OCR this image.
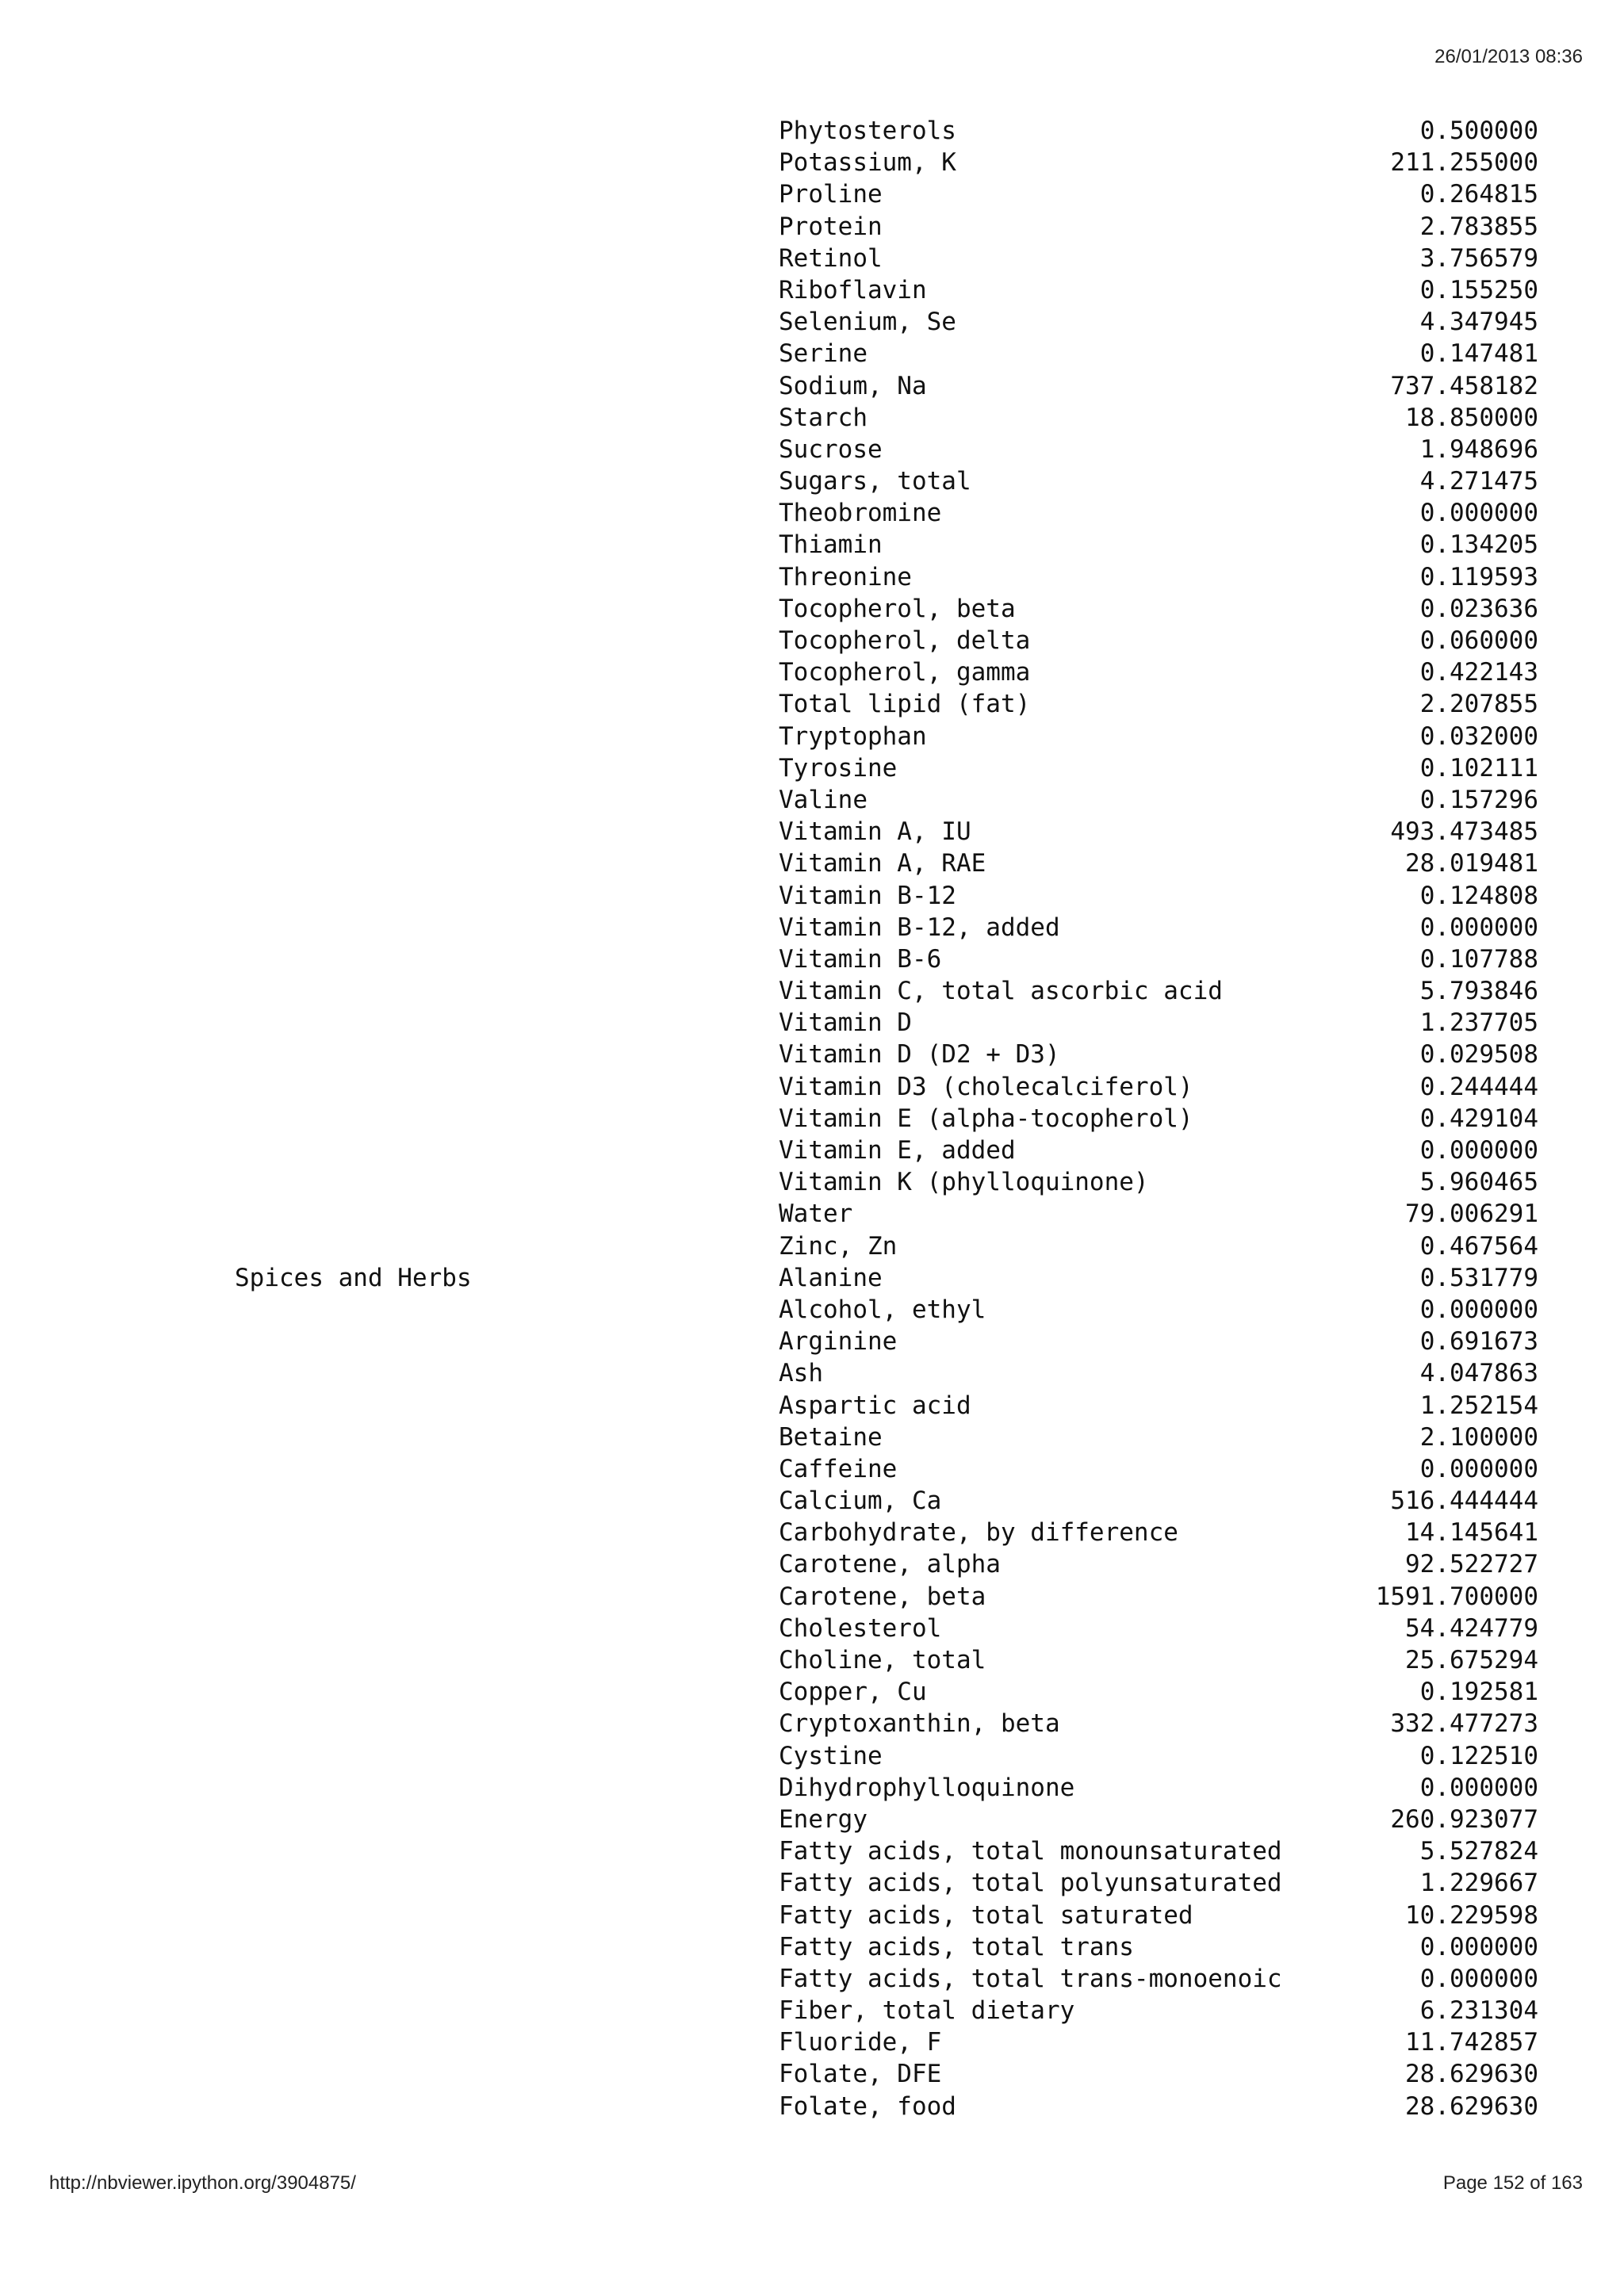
26/01/2013 08:36
Phytosterols	0.500000
Potassium, K	211.255000
Proline	0.264815
Protein	2.783855
Retinol	3.756579
Riboflavin	0.155250
Selenium, Se	4.347945
Serine	0.147481
Sodium, Na	737.458182
Starch	18.850000
Sucrose	1.948696
Sugars, total	4.271475
Theobromine	0.000000
Thiamin	0.134205
Threonine	0.119593
Tocopherol, beta	0.023636
Tocopherol, delta	0.060000
Tocopherol, gamma	0.422143
Total lipid (fat)	2.207855
Tryptophan	0.032000
Tyrosine	0.102111
Valine	0.157296
Vitamin A, IU	493.473485
Vitamin A, RAE	28.019481
Vitamin B-12	0.124808
Vitamin B-12, added	0.000000
Vitamin B-6	0.107788
Vitamin C, total ascorbic acid	5.793846
Vitamin D	1.237705
Vitamin D (D2 + D3)	0.029508
Vitamin D3 (cholecalciferol)	0.244444
Vitamin E (alpha-tocopherol)	0.429104
Vitamin E, added	0.000000
Vitamin K (phylloquinone)	5.960465
Water	79.006291
Zinc, Zn	0.467564
Spices and Herbs	Alanine	0.531779
Alcohol, ethyl	0.000000
Arginine	0.691673
Ash	4.047863
Aspartic acid	1.252154
Betaine	2.100000
Caffeine	0.000000
Calcium, Ca	516.444444
Carbohydrate, by difference	14.145641
Carotene, alpha	92.522727
Carotene, beta	1591.700000
Cholesterol	54.424779
Choline, total	25.675294
Copper, Cu	0.192581
Cryptoxanthin, beta	332.477273
Cystine	0.122510
Dihydrophylloquinone	0.000000
Energy	260.923077
Fatty acids, total monounsaturated	5.527824
Fatty acids, total polyunsaturated	1.229667
Fatty acids, total saturated	10.229598
Fatty acids, total trans	0.000000
Fatty acids, total trans-monoenoic	0.000000
Fiber, total dietary	6.231304
Fluoride, F	11.742857
Folate, DFE	28.629630
Folate, food	28.629630
http://nbviewer.ipython.org/3904875/	Page 152 of 163
